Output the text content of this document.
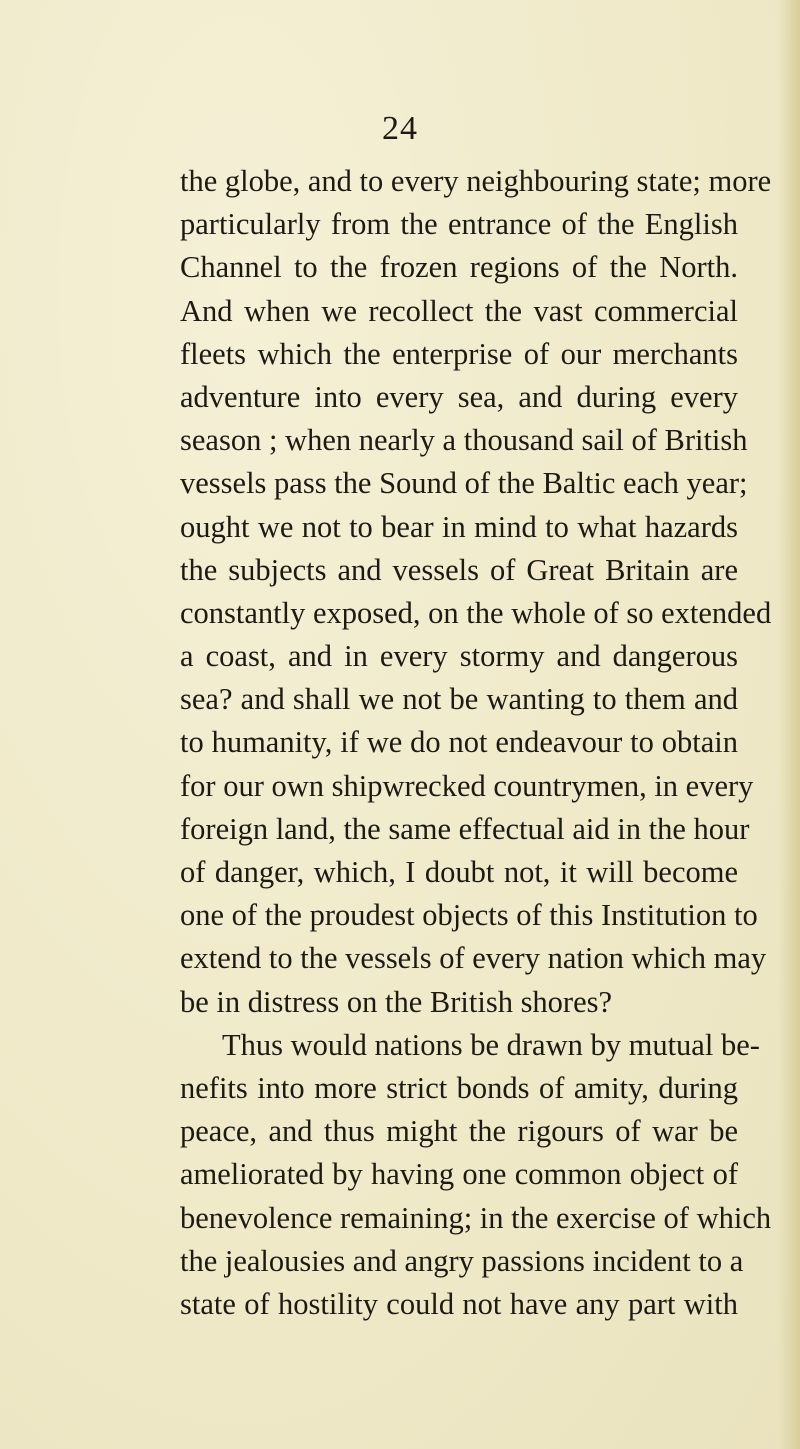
24
the globe, and to every neighbouring state; more
particularly from the entrance of the English
Channel to the frozen regions of the North.
And when we recollect the vast commercial
fleets which the enterprise of our merchants
adventure into every sea, and during every
season ; when nearly a thousand sail of British
vessels pass the Sound of the Baltic each year;
ought we not to bear in mind to what hazards
the subjects and vessels of Great Britain are
constantly exposed, on the whole of so extended
a coast, and in every stormy and dangerous
sea? and shall we not be wanting to them and
to humanity, if we do not endeavour to obtain
for our own shipwrecked countrymen, in every
foreign land, the same effectual aid in the hour
of danger, which, I doubt not, it will become
one of the proudest objects of this Institution to
extend to the vessels of every nation which may
be in distress on the British shores?
Thus would nations be drawn by mutual be-
nefits into more strict bonds of amity, during
peace, and thus might the rigours of war be
ameliorated by having one common object of
benevolence remaining; in the exercise of which
the jealousies and angry passions incident to a
state of hostility could not have any part with
